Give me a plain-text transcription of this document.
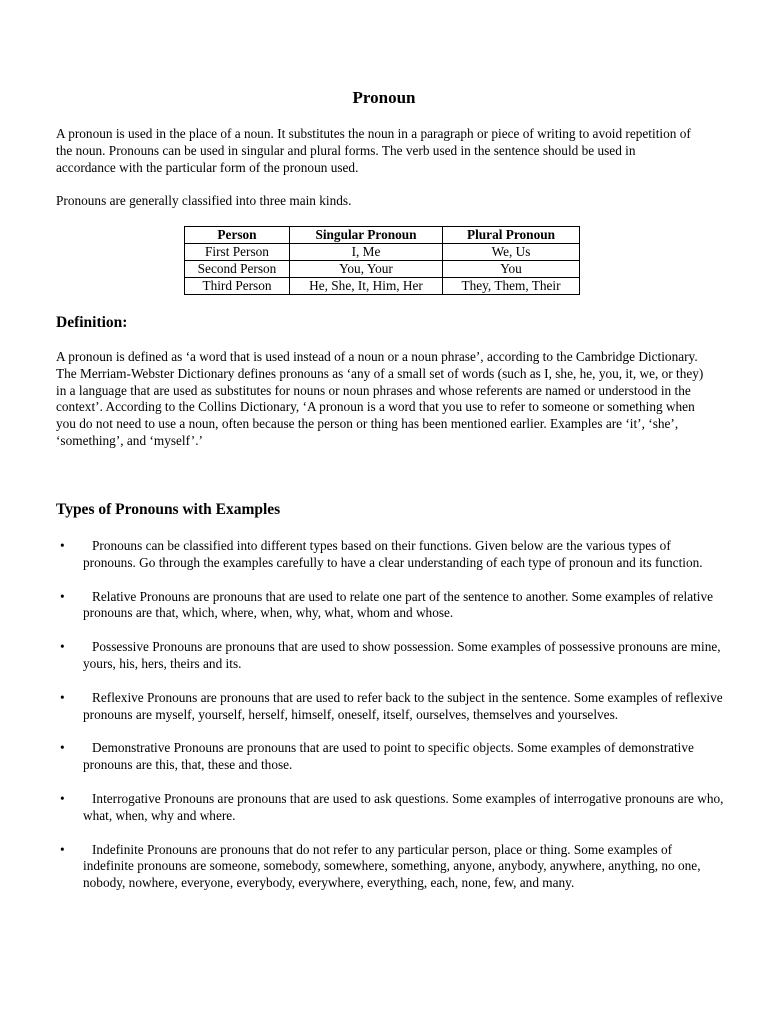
Pronoun

A pronoun is used in the place of a noun. It substitutes the noun in a paragraph or piece of writing to avoid repetition of the noun. Pronouns can be used in singular and plural forms. The verb used in the sentence should be used in accordance with the particular form of the pronoun used.

Pronouns are generally classified into three main kinds.

Person	Singular Pronoun	Plural Pronoun
First Person	I, Me	We, Us
Second Person	You, Your	You
Third Person	He, She, It, Him, Her	They, Them, Their
Definition:

A pronoun is defined as ‘a word that is used instead of a noun or a noun phrase’, according to the Cambridge Dictionary. The Merriam-Webster Dictionary defines pronouns as ‘any of a small set of words (such as I, she, he, you, it, we, or they) in a language that are used as substitutes for nouns or noun phrases and whose referents are named or understood in the context’. According to the Collins Dictionary, ‘A pronoun is a word that you use to refer to someone or something when you do not need to use a noun, often because the person or thing has been mentioned earlier. Examples are ‘it’, ‘she’, ‘something’, and ‘myself’.’

Types of Pronouns with Examples
•	Pronouns can be classified into different types based on their functions. Given below are the various types of pronouns. Go through the examples carefully to have a clear understanding of each type of pronoun and its function.
•	Relative Pronouns are pronouns that are used to relate one part of the sentence to another. Some examples of relative pronouns are that, which, where, when, why, what, whom and whose.
•	Possessive Pronouns are pronouns that are used to show possession. Some examples of possessive pronouns are mine, yours, his, hers, theirs and its.
•	Reflexive Pronouns are pronouns that are used to refer back to the subject in the sentence. Some examples of reflexive pronouns are myself, yourself, herself, himself, oneself, itself, ourselves, themselves and yourselves.
•	Demonstrative Pronouns are pronouns that are used to point to specific objects. Some examples of demonstrative pronouns are this, that, these and those.
•	Interrogative Pronouns are pronouns that are used to ask questions. Some examples of interrogative pronouns are who, what, when, why and where.
•	Indefinite Pronouns are pronouns that do not refer to any particular person, place or thing. Some examples of indefinite pronouns are someone, somebody, somewhere, something, anyone, anybody, anywhere, anything, no one, nobody, nowhere, everyone, everybody, everywhere, everything, each, none, few, and many.
